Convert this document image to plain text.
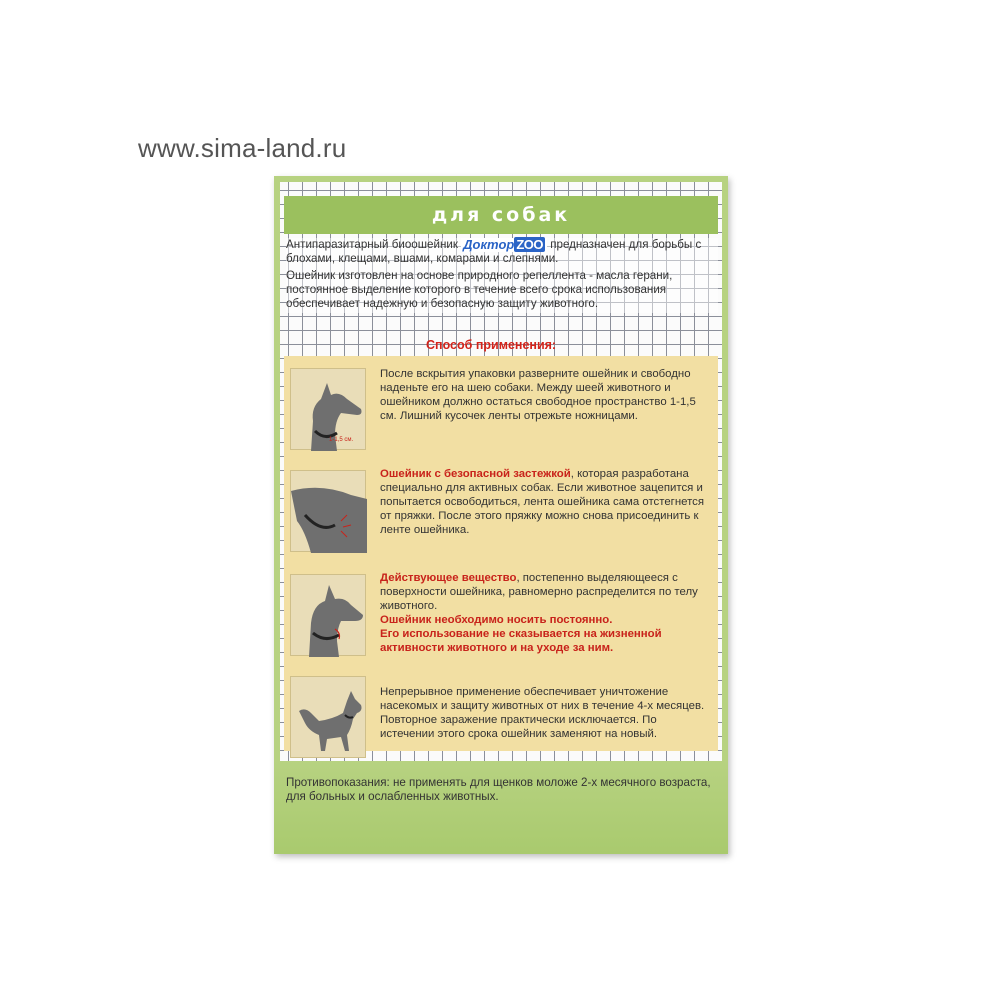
www.sima-land.ru
для собак

Антипаразитарный биоошейник Доктор ZOO предназначен для борьбы с блохами, клещами, вшами, комарами и слепнями.

Ошейник изготовлен на основе природного репеллента - масла герани, постоянное выделение которого в течение всего срока использования обеспечивает надежную и безопасную защиту животного.

Способ применения:
1-1,5 см.
После вскрытия упаковки разверните ошейник и свободно наденьте его на шею собаки. Между шеей животного и ошейником должно остаться свободное пространство 1-1,5 см. Лишний кусочек ленты отрежьте ножницами.
Ошейник с безопасной застежкой, которая разработана специально для активных собак. Если животное зацепится и попытается освободиться, лента ошейника сама отстегнется от пряжки. После этого пряжку можно снова присоединить к ленте ошейника.
Действующее вещество, постепенно выделяющееся с поверхности ошейника, равномерно распределится по телу животного.
Ошейник необходимо носить постоянно.
Его использование не сказывается на жизненной активности животного и на уходе за ним.
Непрерывное применение обеспечивает уничтожение насекомых и защиту животных от них в течение 4-х месяцев. Повторное заражение практически исключается. По истечении этого срока ошейник заменяют на новый.
Противопоказания: не применять для щенков моложе 2-х месячного возраста, для больных и ослабленных животных.
